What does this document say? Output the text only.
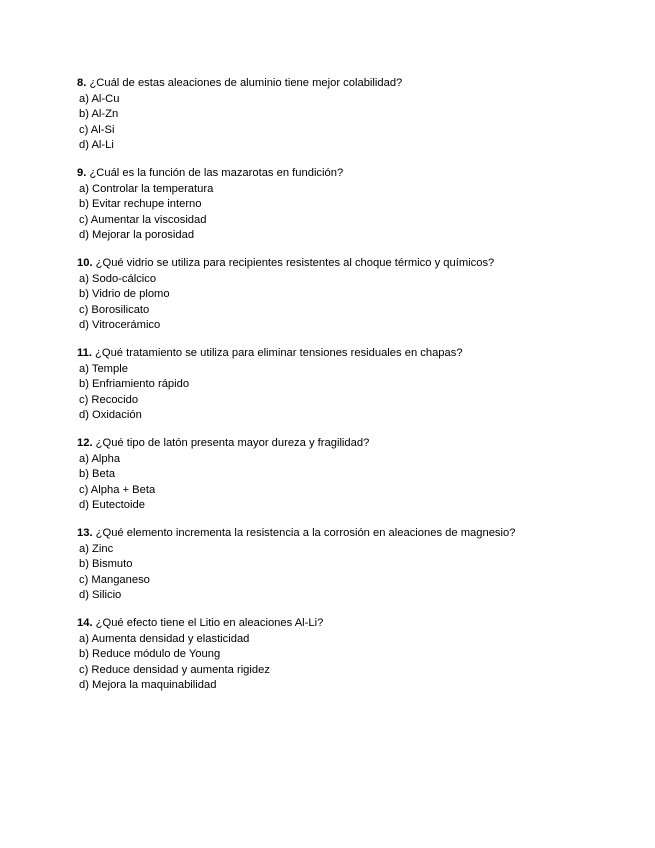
8. ¿Cuál de estas aleaciones de aluminio tiene mejor colabilidad?
a) Al-Cu
b) Al-Zn
c) Al-Si
d) Al-Li
9. ¿Cuál es la función de las mazarotas en fundición?
a) Controlar la temperatura
b) Evitar rechupe interno
c) Aumentar la viscosidad
d) Mejorar la porosidad
10. ¿Qué vidrio se utiliza para recipientes resistentes al choque térmico y químicos?
a) Sodo-cálcico
b) Vidrio de plomo
c) Borosilicato
d) Vitrocerámico
11. ¿Qué tratamiento se utiliza para eliminar tensiones residuales en chapas?
a) Temple
b) Enfriamiento rápido
c) Recocido
d) Oxidación
12. ¿Qué tipo de latón presenta mayor dureza y fragilidad?
a) Alpha
b) Beta
c) Alpha + Beta
d) Eutectoide
13. ¿Qué elemento incrementa la resistencia a la corrosión en aleaciones de magnesio?
a) Zinc
b) Bismuto
c) Manganeso
d) Silicio
14. ¿Qué efecto tiene el Litio en aleaciones Al-Li?
a) Aumenta densidad y elasticidad
b) Reduce módulo de Young
c) Reduce densidad y aumenta rigidez
d) Mejora la maquinabilidad
